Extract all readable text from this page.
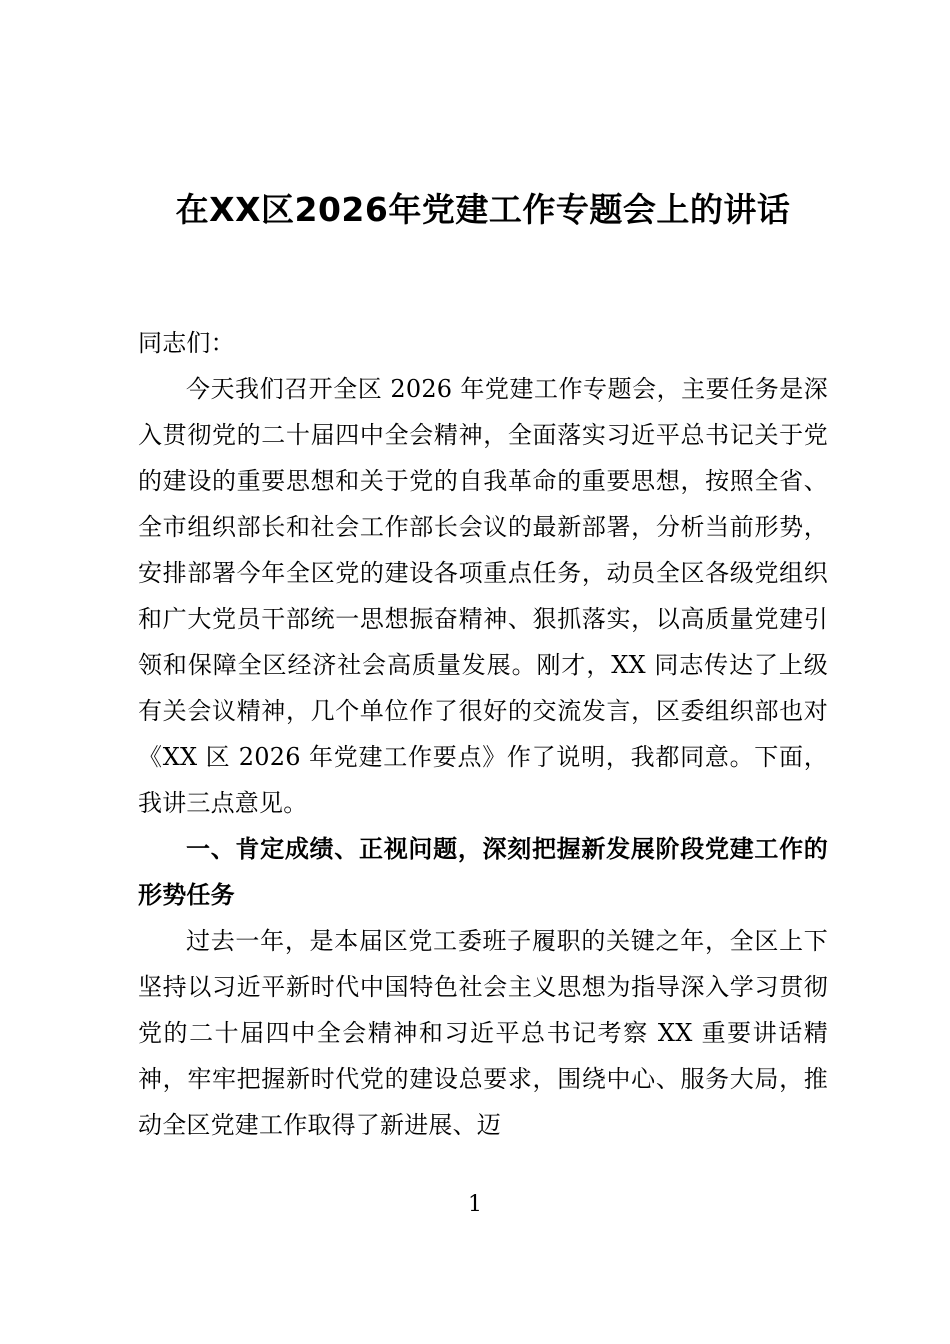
在XX区2026年党建工作专题会上的讲话

同志们：

今天我们召开全区 2026 年党建工作专题会，主要任务是深入贯彻党的二十届四中全会精神，全面落实习近平总书记关于党的建设的重要思想和关于党的自我革命的重要思想，按照全省、全市组织部长和社会工作部长会议的最新部署，分析当前形势，安排部署今年全区党的建设各项重点任务，动员全区各级党组织和广大党员干部统一思想振奋精神、狠抓落实，以高质量党建引领和保障全区经济社会高质量发展。刚才，XX 同志传达了上级有关会议精神，几个单位作了很好的交流发言，区委组织部也对《XX 区 2026 年党建工作要点》作了说明，我都同意。下面，我讲三点意见。

一、肯定成绩、正视问题，深刻把握新发展阶段党建工作的形势任务

过去一年，是本届区党工委班子履职的关键之年，全区上下坚持以习近平新时代中国特色社会主义思想为指导深入学习贯彻党的二十届四中全会精神和习近平总书记考察 XX 重要讲话精神，牢牢把握新时代党的建设总要求，围绕中心、服务大局，推动全区党建工作取得了新进展、迈

1
